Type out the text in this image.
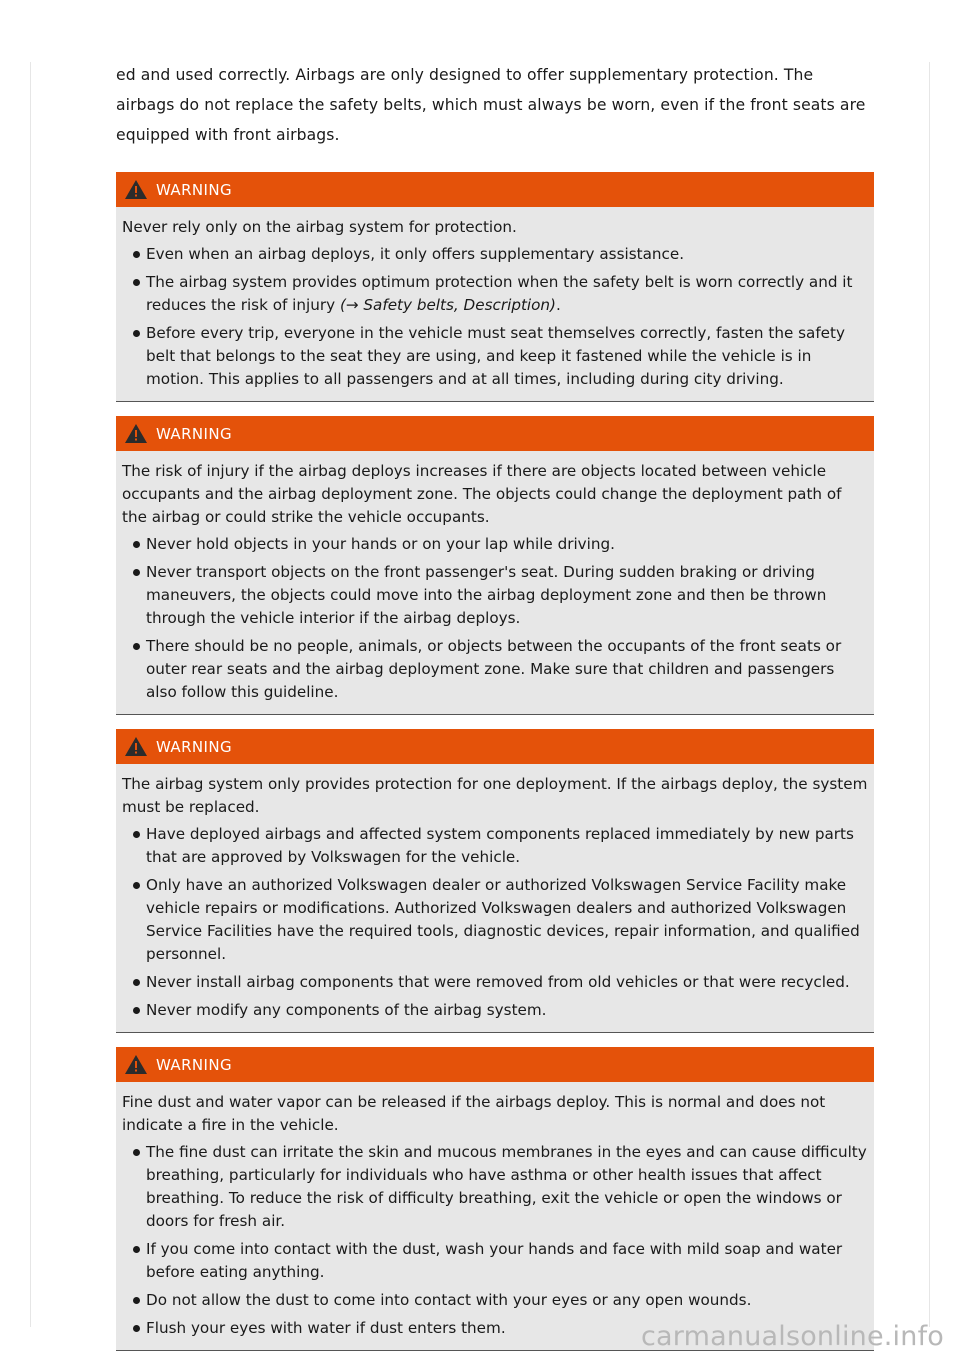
ed and used correctly. Airbags are only designed to offer supplementary protection. The airbags do not replace the safety belts, which must always be worn, even if the front seats are equipped with front airbags.

WARNING

Never rely only on the airbag system for protection.

Even when an airbag deploys, it only offers supplementary assistance.
The airbag system provides optimum protection when the safety belt is worn correctly and it reduces the risk of injury (→ Safety belts, Description).
Before every trip, everyone in the vehicle must seat themselves correctly, fasten the safety belt that belongs to the seat they are using, and keep it fastened while the vehicle is in motion. This applies to all passengers and at all times, including during city driving.
WARNING

The risk of injury if the airbag deploys increases if there are objects located between vehicle occupants and the airbag deployment zone. The objects could change the deployment path of the airbag or could strike the vehicle occupants.

Never hold objects in your hands or on your lap while driving.
Never transport objects on the front passenger's seat. During sudden braking or driving maneuvers, the objects could move into the airbag deployment zone and then be thrown through the vehicle interior if the airbag deploys.
There should be no people, animals, or objects between the occupants of the front seats or outer rear seats and the airbag deployment zone. Make sure that children and passengers also follow this guideline.
WARNING

The airbag system only provides protection for one deployment. If the airbags deploy, the system must be replaced.

Have deployed airbags and affected system components replaced immediately by new parts that are approved by Volkswagen for the vehicle.
Only have an authorized Volkswagen dealer or authorized Volkswagen Service Facility make vehicle repairs or modifications. Authorized Volkswagen dealers and authorized Volkswagen Service Facilities have the required tools, diagnostic devices, repair information, and qualified personnel.
Never install airbag components that were removed from old vehicles or that were recycled.
Never modify any components of the airbag system.
WARNING

Fine dust and water vapor can be released if the airbags deploy. This is normal and does not indicate a fire in the vehicle.

The fine dust can irritate the skin and mucous membranes in the eyes and can cause difficulty breathing, particularly for individuals who have asthma or other health issues that affect breathing. To reduce the risk of difficulty breathing, exit the vehicle or open the windows or doors for fresh air.
If you come into contact with the dust, wash your hands and face with mild soap and water before eating anything.
Do not allow the dust to come into contact with your eyes or any open wounds.
Flush your eyes with water if dust enters them.	carmanualsonline.info
